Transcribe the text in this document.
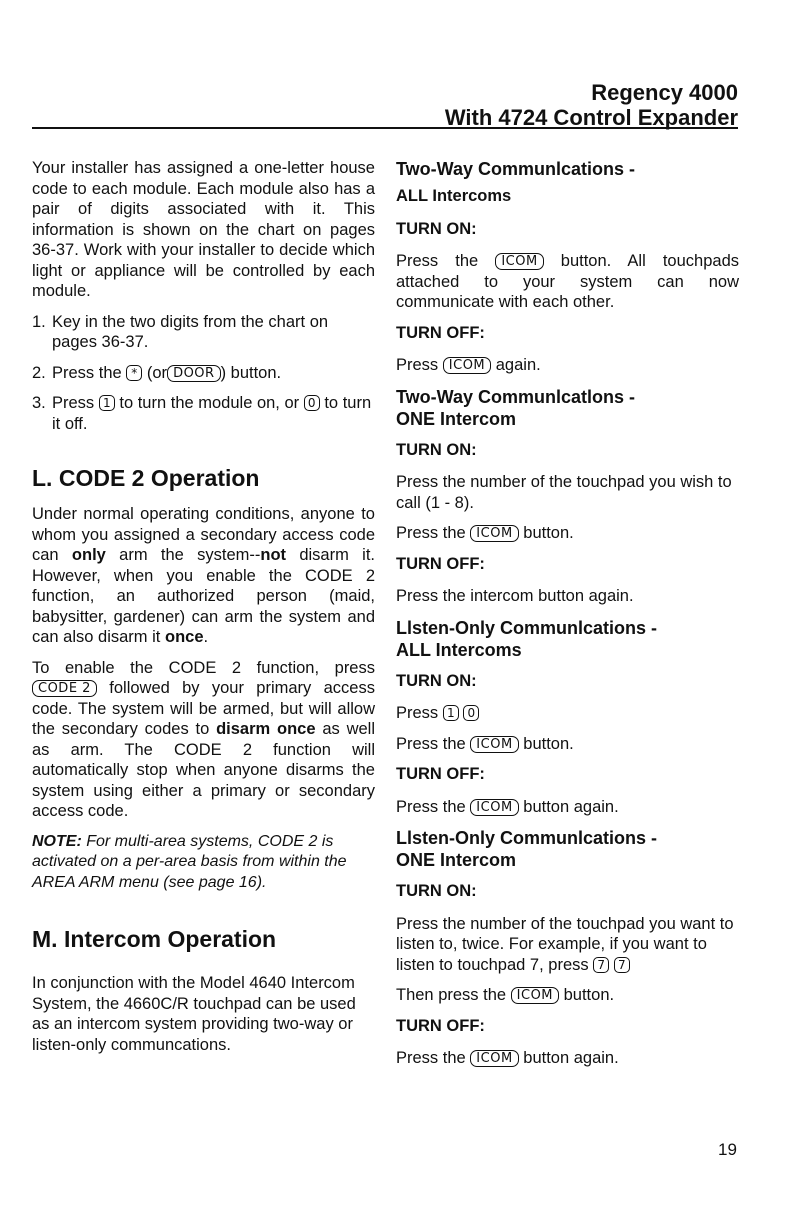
Regency 4000
With 4724 Control Expander

Your installer has assigned a one-letter house code to each module. Each module also has a pair of digits associated with it. This information is shown on the chart on pages 36-37. Work with your installer to decide which light or appliance will be controlled by each module.

1. Key in the two digits from the chart on pages 36-37.
2. Press the * (or DOOR ) button.
3. Press 1 to turn the module on, or 0 to turn it off.
L. CODE 2 Operation

Under normal operating conditions, anyone to whom you assigned a secondary access code can only arm the system--not disarm it. However, when you enable the CODE 2 function, an authorized person (maid, babysitter, gardener) can arm the system and can also disarm it once.

To enable the CODE 2 function, press CODE 2 followed by your primary access code. The system will be armed, but will allow the secondary codes to disarm once as well as arm. The CODE 2 function will automatically stop when anyone disarms the system using either a primary or secondary access code.

NOTE: For multi-area systems, CODE 2 is activated on a per-area basis from within the AREA ARM menu (see page 16).

M. Intercom Operation

In conjunction with the Model 4640 Intercom System, the 4660C/R touchpad can be used as an intercom system providing two-way or listen-only communcations.

Two-Way Communlcations -
ALL Intercoms
TURN ON:

Press the ICOM button. All touchpads attached to your system can now communicate with each other.

TURN OFF:

Press ICOM again.

Two-Way Communlcatlons -
ONE Intercom
TURN ON:

Press the number of the touchpad you wish to call (1 - 8).

Press the ICOM button.

TURN OFF:

Press the intercom button again.

Llsten-Only Communlcations -
ALL Intercoms
TURN ON:

Press 1 0

Press the ICOM button.

TURN OFF:

Press the ICOM button again.

Llsten-Only Communlcations -
ONE Intercom
TURN ON:

Press the number of the touchpad you want to listen to, twice. For example, if you want to listen to touchpad 7, press 7 7

Then press the ICOM button.

TURN OFF:

Press the ICOM button again.

19
